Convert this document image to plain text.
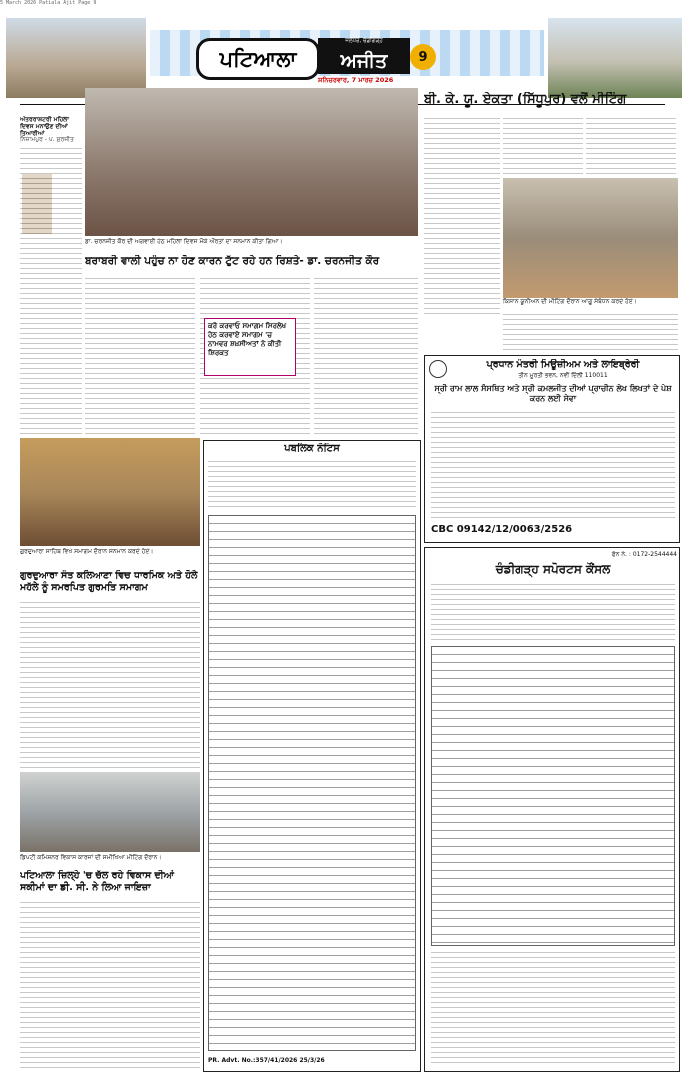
5 March 2026 Patiala Ajit Page 9
ਪਟਿਆਲਾ	ਅਜੀਤ
ਜਲੰਧਰ, ਚੰਡੀਗੜ੍ਹ
ਸ਼ਨਿਚਰਵਾਰ, 7 ਮਾਰਚ 2026
9
ਡਾ. ਚਰਨਜੀਤ ਕੌਰ ਦੀ ਅਗਵਾਈ ਹੇਠ ਮਹਿਲਾ ਦਿਵਸ ਮੌਕੇ ਔਰਤਾਂ ਦਾ ਸਨਮਾਨ ਕੀਤਾ ਗਿਆ।
ਬਰਾਬਰੀ ਵਾਲੀ ਪਹੁੰਚ ਨਾ ਹੋਣ ਕਾਰਨ ਟੁੱਟ ਰਹੇ ਹਨ ਰਿਸ਼ਤੇ- ਡਾ. ਚਰਨਜੀਤ ਕੌਰ
ਅੰਤਰਰਾਸ਼ਟਰੀ ਮਹਿਲਾ ਦਿਵਸ ਮਨਾਉਣ ਦੀਆਂ ਤਿਆਰੀਆਂ
ਨਿਜ਼ਾਮਪੁਰ - ਪ. ਸੁਰਜੀਤ
ਕਰੋ ਕਰਵਾਓ ਸਮਾਗਮ ਸਿਰਲੇਖ ਹੇਠ ਕਰਵਾਏ ਸਮਾਗਮ 'ਚ ਨਾਮਵਰ ਸ਼ਖ਼ਸੀਅਤਾਂ ਨੇ ਕੀਤੀ ਸ਼ਿਰਕਤ
ਬੀ. ਕੇ. ਯੂ. ਏਕਤਾ (ਸਿੱਧੂਪੁਰ) ਵਲੋਂ ਮੀਟਿੰਗ
ਕਿਸਾਨ ਯੂਨੀਅਨ ਦੀ ਮੀਟਿੰਗ ਦੌਰਾਨ ਆਗੂ ਸੰਬੋਧਨ ਕਰਦੇ ਹੋਏ।
ਪ੍ਰਧਾਨ ਮੰਤਰੀ ਮਿਊਜ਼ੀਅਮ ਅਤੇ ਲਾਇਬ੍ਰੇਰੀ
ਤੀਨ ਮੂਰਤੀ ਭਵਨ, ਨਵੀਂ ਦਿੱਲੀ 110011
ਸ੍ਰੀ ਰਾਮ ਲਾਲ ਸੰਸਥਿਤ ਅਤੇ ਸ੍ਰੀ ਕਮਲਜੀਤ ਦੀਆਂ ਪ੍ਰਾਚੀਨ ਲੇਖ ਲਿਖਤਾਂ ਦੇ ਪੇਸ਼ ਕਰਨ ਲਈ ਸੇਵਾ
CBC 09142/12/0063/2526
ਫੋਨ ਨੰ. : 0172-2544444
ਚੰਡੀਗੜ੍ਹ ਸਪੋਰਟਸ ਕੌਂਸਲ
ਗੁਰਦੁਆਰਾ ਸਾਹਿਬ ਵਿਖੇ ਸਮਾਗਮ ਦੌਰਾਨ ਸਨਮਾਨ ਕਰਦੇ ਹੋਏ।
ਗੁਰਦੁਆਰਾ ਸੰਤ ਕਲਿਆਣਾ ਵਿਚ ਧਾਰਮਿਕ ਅਤੇ ਹੋਲੇ ਮਹੱਲੇ ਨੂੰ ਸਮਰਪਿਤ ਗੁਰਮਤਿ ਸਮਾਗਮ
ਡਿਪਟੀ ਕਮਿਸ਼ਨਰ ਵਿਕਾਸ ਕਾਰਜਾਂ ਦੀ ਸਮੀਖਿਆ ਮੀਟਿੰਗ ਦੌਰਾਨ।
ਪਟਿਆਲਾ ਜ਼ਿਲ੍ਹੇ 'ਚ ਚੱਲ ਰਹੇ ਵਿਕਾਸ ਦੀਆਂ ਸਕੀਮਾਂ ਦਾ ਡੀ. ਸੀ. ਨੇ ਲਿਆ ਜਾਇਜ਼ਾ
ਪਬਲਿਕ ਨੋਟਿਸ
PR. Advt. No.:357/41/2026 25/3/26
